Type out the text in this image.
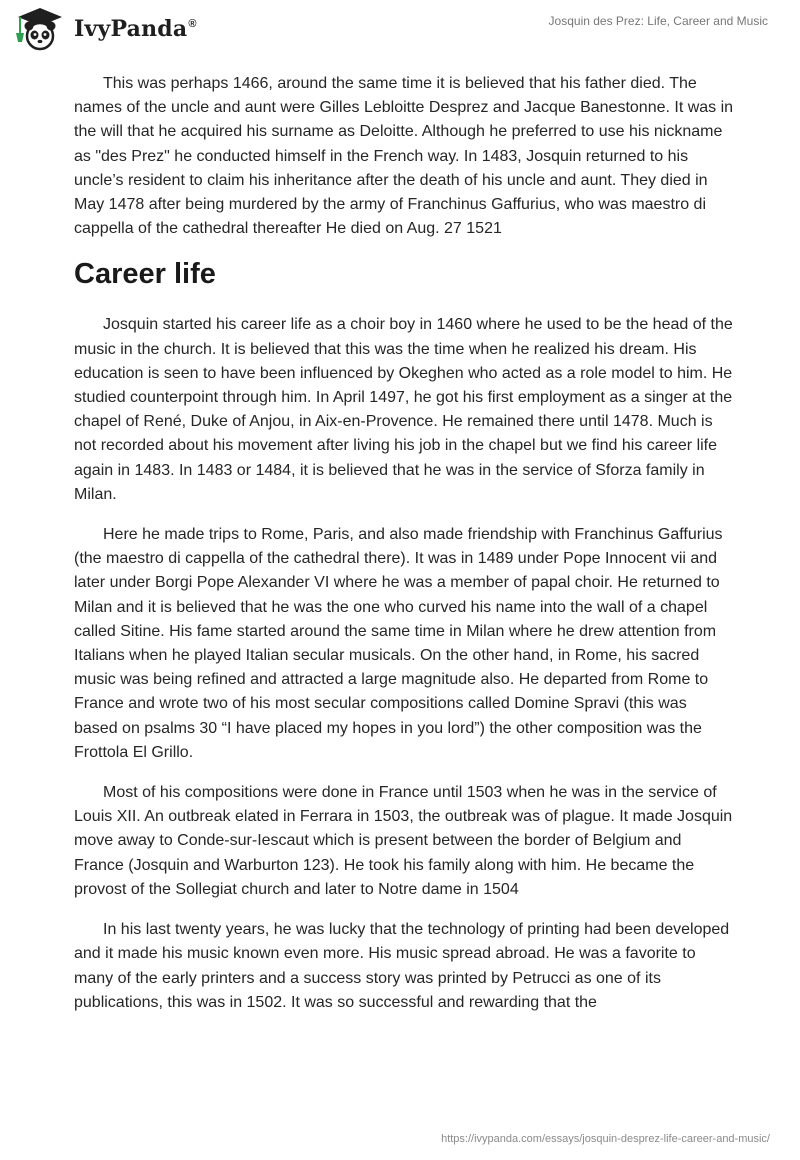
IvyPanda®	Josquin des Prez: Life, Career and Music

This was perhaps 1466, around the same time it is believed that his father died. The names of the uncle and aunt were Gilles Lebloitte Desprez and Jacque Banestonne. It was in the will that he acquired his surname as Deloitte. Although he preferred to use his nickname as "des Prez" he conducted himself in the French way. In 1483, Josquin returned to his uncle’s resident to claim his inheritance after the death of his uncle and aunt. They died in May 1478 after being murdered by the army of Franchinus Gaffurius, who was maestro di cappella of the cathedral thereafter He died on Aug. 27 1521

Career life

Josquin started his career life as a choir boy in 1460 where he used to be the head of the music in the church. It is believed that this was the time when he realized his dream. His education is seen to have been influenced by Okeghen who acted as a role model to him. He studied counterpoint through him. In April 1497, he got his first employment as a singer at the chapel of René, Duke of Anjou, in Aix-en-Provence. He remained there until 1478. Much is not recorded about his movement after living his job in the chapel but we find his career life again in 1483. In 1483 or 1484, it is believed that he was in the service of Sforza family in Milan.

Here he made trips to Rome, Paris, and also made friendship with Franchinus Gaffurius (the maestro di cappella of the cathedral there). It was in 1489 under Pope Innocent vii and later under Borgi Pope Alexander VI where he was a member of papal choir. He returned to Milan and it is believed that he was the one who curved his name into the wall of a chapel called Sitine. His fame started around the same time in Milan where he drew attention from Italians when he played Italian secular musicals. On the other hand, in Rome, his sacred music was being refined and attracted a large magnitude also. He departed from Rome to France and wrote two of his most secular compositions called Domine Spravi (this was based on psalms 30 “I have placed my hopes in you lord”) the other composition was the Frottola El Grillo.

Most of his compositions were done in France until 1503 when he was in the service of Louis XII. An outbreak elated in Ferrara in 1503, the outbreak was of plague. It made Josquin move away to Conde-sur-Iescaut which is present between the border of Belgium and France (Josquin and Warburton 123). He took his family along with him. He became the provost of the Sollegiat church and later to Notre dame in 1504

In his last twenty years, he was lucky that the technology of printing had been developed and it made his music known even more. His music spread abroad. He was a favorite to many of the early printers and a success story was printed by Petrucci as one of its publications, this was in 1502. It was so successful and rewarding that the

https://ivypanda.com/essays/josquin-desprez-life-career-and-music/
